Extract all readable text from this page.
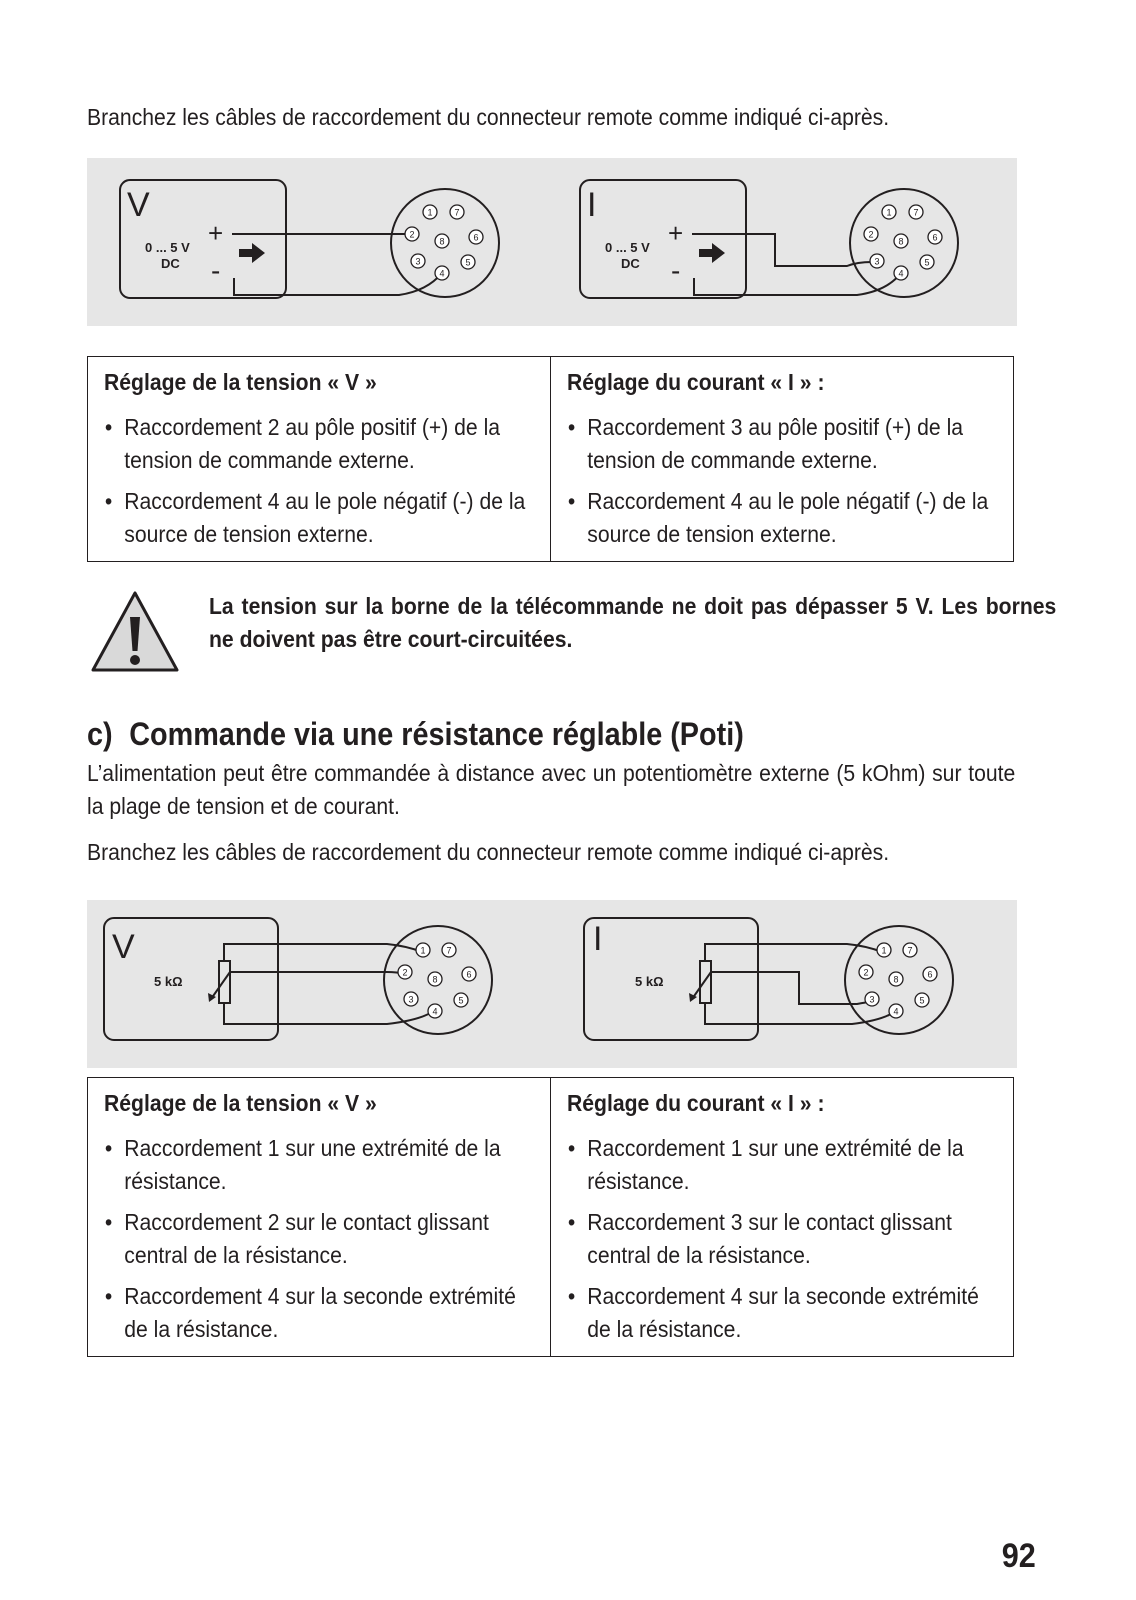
Branchez les câbles de raccordement du connecteur remote comme indiqué ci-après.

1 7
2
8	6
3	5
4
1 7
2
8	6
3	5
4
V
0 ... 5 V
DC
+
-
I
0 ... 5 V
DC
+
-

Réglage de la tension « V »

• Raccordement 2 au pôle positif (+) de la tension de commande externe.
• Raccordement 4 au le pole négatif (-) de la source de tension externe.

Réglage du courant « I » :

• Raccordement 3 au pôle positif (+) de la tension de commande externe.
• Raccordement 4 au le pole négatif (-) de la source de tension externe.
La tension sur la borne de la télécommande ne doit pas dépasser 5 V. Les bornes ne doivent pas être court-circuitées.
c) Commande via une résistance réglable (Poti)

L’alimentation peut être commandée à distance avec un potentiomètre externe (5 kOhm) sur toute la plage de tension et de courant.

Branchez les câbles de raccordement du connecteur remote comme indiqué ci-après.

1 7
2
8	6
3	5
4
1 7
2
8	6
3	5
4
V
5 kΩ
I
5 kΩ

Réglage de la tension « V »

• Raccordement 1 sur une extrémité de la résistance.
• Raccordement 2 sur le contact glissant central de la résistance.
• Raccordement 4 sur la seconde extrémité de la résistance.

Réglage du courant « I » :

• Raccordement 1 sur une extrémité de la résistance.
• Raccordement 3 sur le contact glissant central de la résistance.
• Raccordement 4 sur la seconde extrémité de la résistance.
92
